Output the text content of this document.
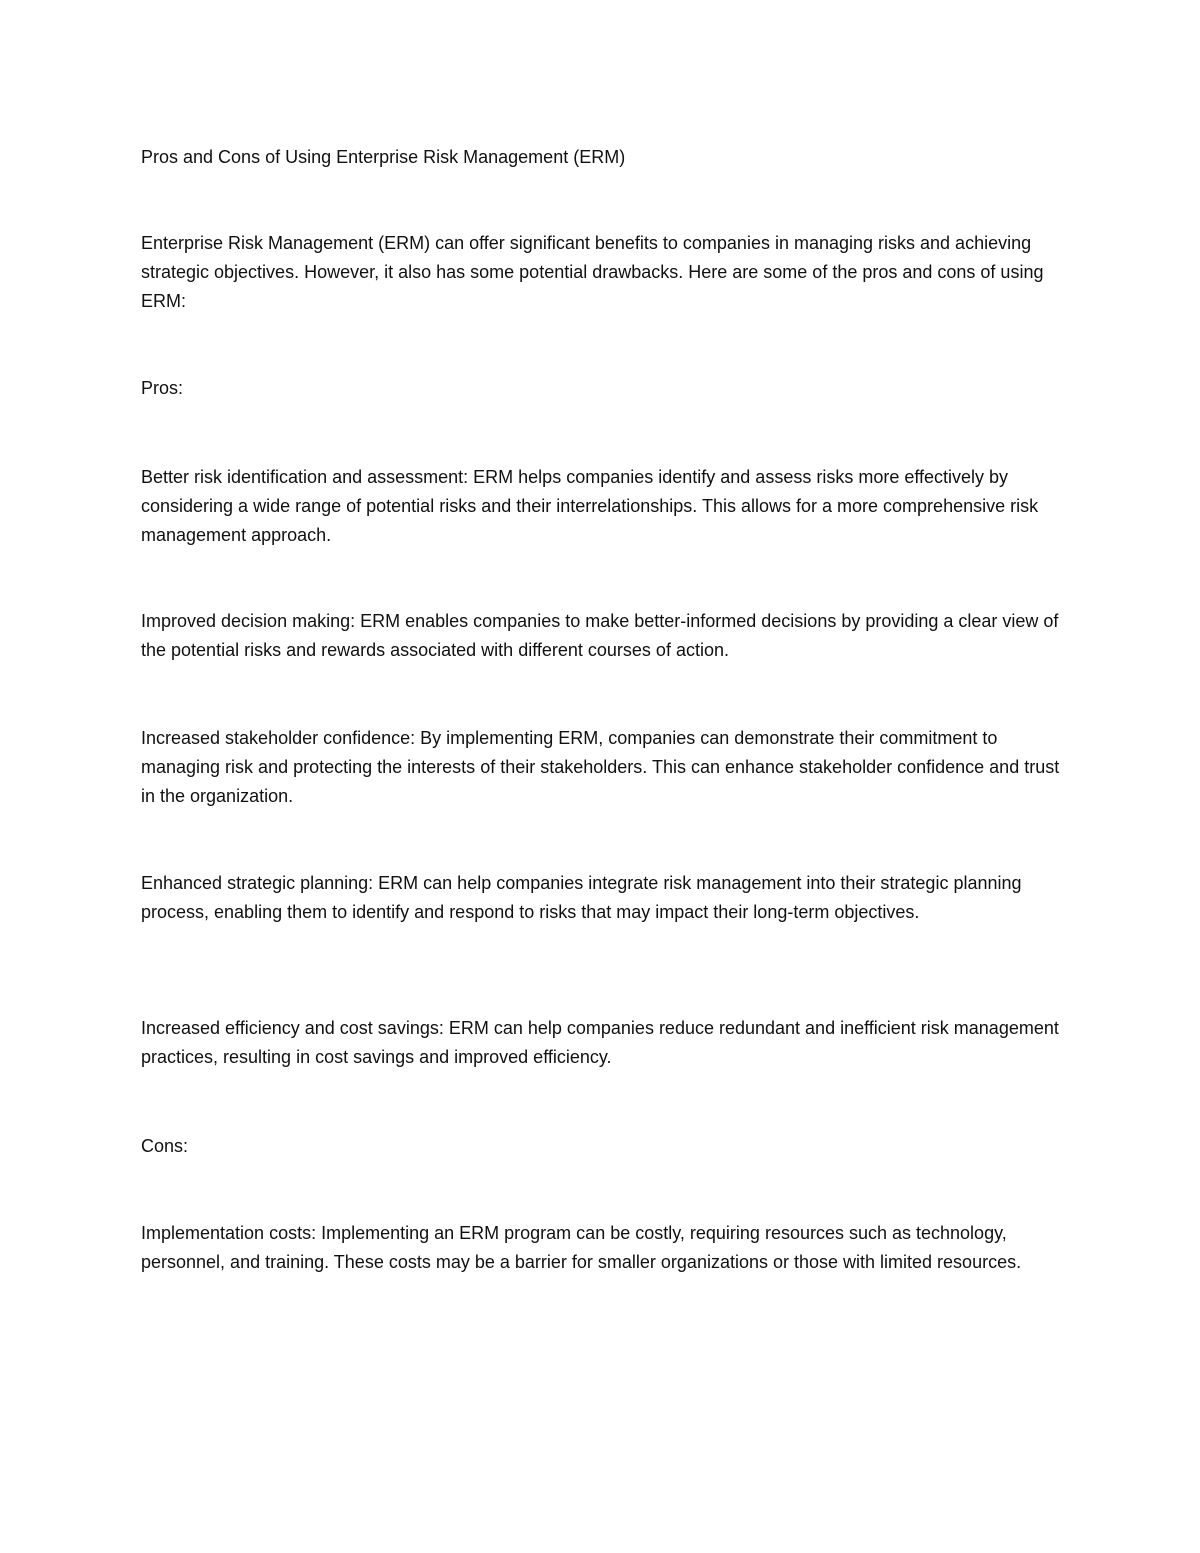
Pros and Cons of Using Enterprise Risk Management (ERM)

Enterprise Risk Management (ERM) can offer significant benefits to companies in managing risks and achieving strategic objectives. However, it also has some potential drawbacks. Here are some of the pros and cons of using ERM:

Pros:

Better risk identification and assessment: ERM helps companies identify and assess risks more effectively by considering a wide range of potential risks and their interrelationships. This allows for a more comprehensive risk management approach.

Improved decision making: ERM enables companies to make better-informed decisions by providing a clear view of the potential risks and rewards associated with different courses of action.

Increased stakeholder confidence: By implementing ERM, companies can demonstrate their commitment to managing risk and protecting the interests of their stakeholders. This can enhance stakeholder confidence and trust in the organization.

Enhanced strategic planning: ERM can help companies integrate risk management into their strategic planning process, enabling them to identify and respond to risks that may impact their long-term objectives.

Increased efficiency and cost savings: ERM can help companies reduce redundant and inefficient risk management practices, resulting in cost savings and improved efficiency.

Cons:

Implementation costs: Implementing an ERM program can be costly, requiring resources such as technology, personnel, and training. These costs may be a barrier for smaller organizations or those with limited resources.
